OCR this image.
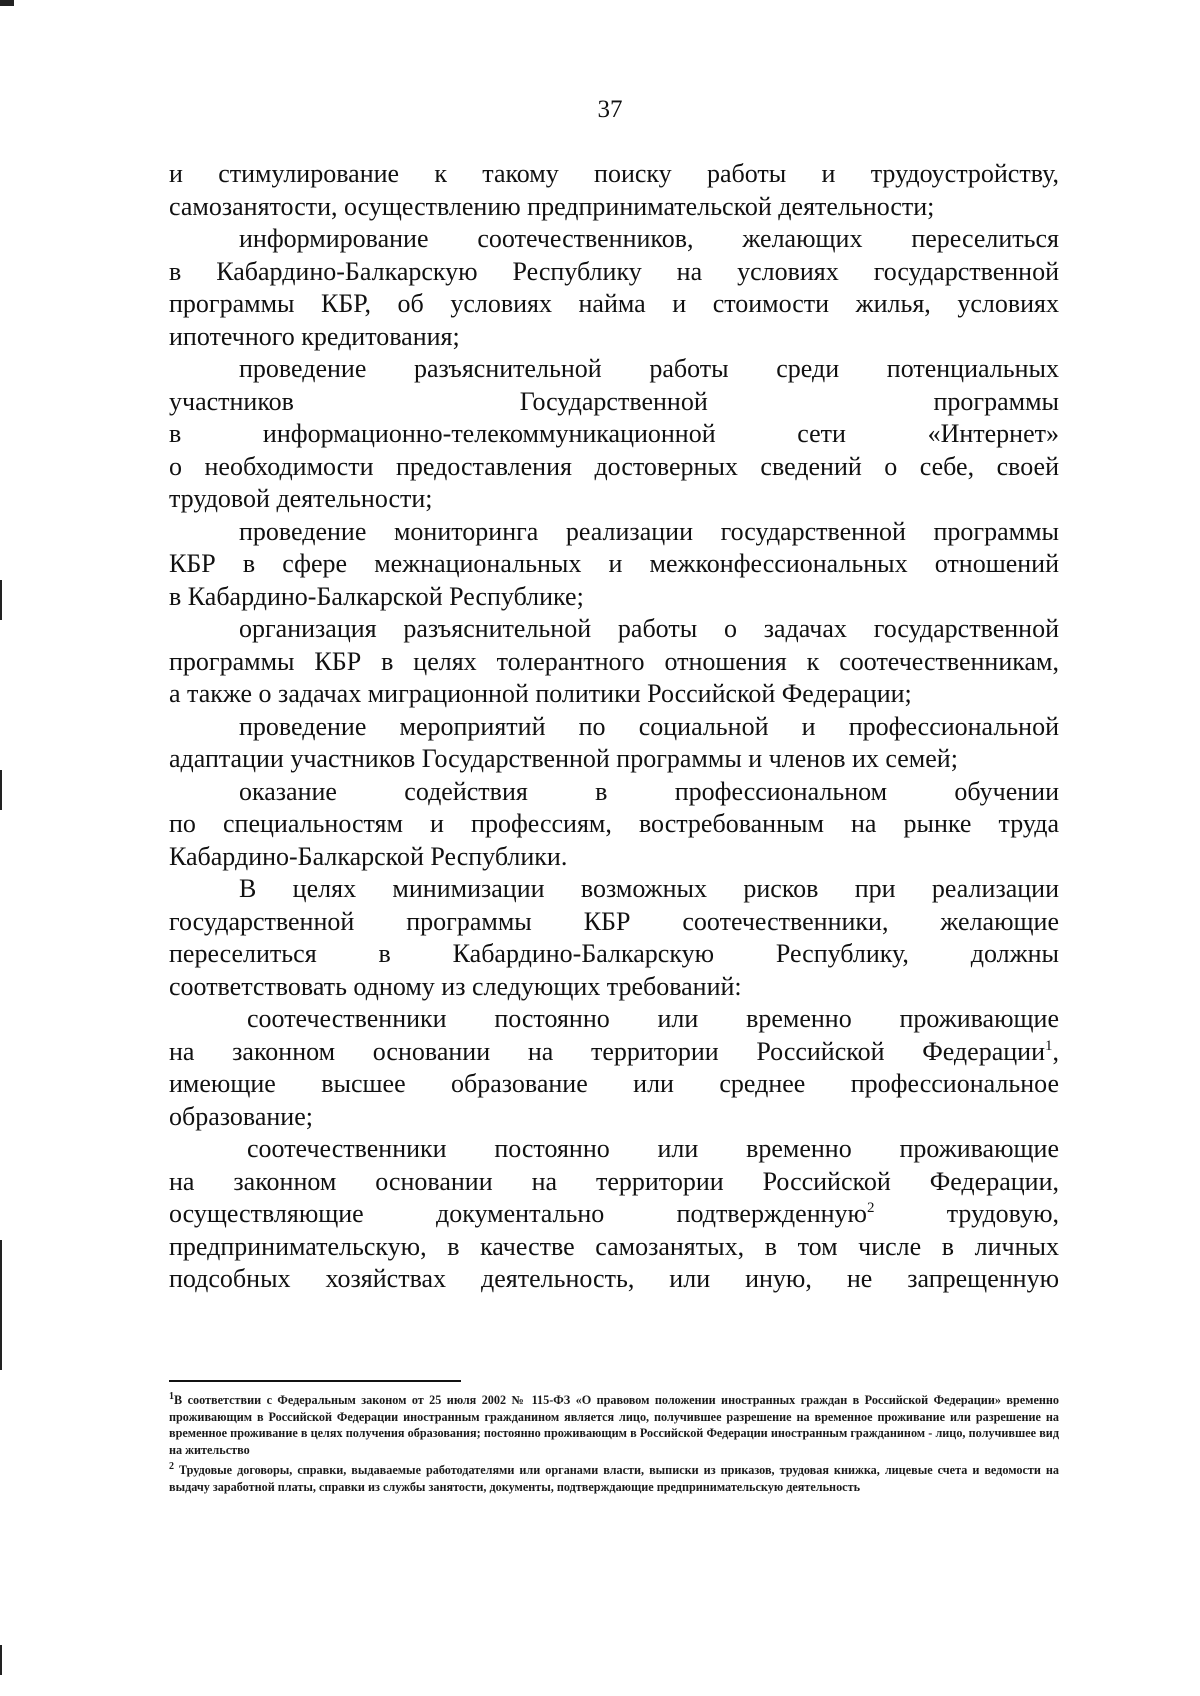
37

и стимулирование к такому поиску работы и трудоустройству,
самозанятости, осуществлению предпринимательской деятельности;

информирование соотечественников, желающих переселиться
в Кабардино-Балкарскую Республику на условиях государственной
программы КБР, об условиях найма и стоимости жилья, условиях
ипотечного кредитования;

проведение разъяснительной работы среди потенциальных
участников Государственной программы
в информационно-телекоммуникационной сети «Интернет»
о необходимости предоставления достоверных сведений о себе, своей
трудовой деятельности;

проведение мониторинга реализации государственной программы
КБР в сфере межнациональных и межконфессиональных отношений
в Кабардино-Балкарской Республике;

организация разъяснительной работы о задачах государственной
программы КБР в целях толерантного отношения к соотечественникам,
а также о задачах миграционной политики Российской Федерации;

проведение мероприятий по социальной и профессиональной
адаптации участников Государственной программы и членов их семей;

оказание содействия в профессиональном обучении
по специальностям и профессиям, востребованным на рынке труда
Кабардино-Балкарской Республики.

В целях минимизации возможных рисков при реализации
государственной программы КБР соотечественники, желающие
переселиться в Кабардино-Балкарскую Республику, должны
соответствовать одному из следующих требований:

соотечественники постоянно или временно проживающие
на законном основании на территории Российской Федерации$^1$,
имеющие высшее образование или среднее профессиональное
образование;

соотечественники постоянно или временно проживающие
на законном основании на территории Российской Федерации,
осуществляющие документально подтвержденную$^2$	трудовую,
предпринимательскую, в качестве самозанятых, в том числе в личных
подсобных хозяйствах деятельность, или иную, не запрещенную

$^1$В соответствии с Федеральным законом от 25 июля 2002 № 115-ФЗ «О правовом положении иностранных граждан в Российской Федерации» временно проживающим в Российской Федерации иностранным гражданином является лицо, получившее разрешение на временное проживание или разрешение на временное проживание в целях получения образования; постоянно проживающим в Российской Федерации иностранным гражданином - лицо, получившее вид на жительство

$^2$ Трудовые договоры, справки, выдаваемые работодателями или органами власти, выписки из приказов, трудовая книжка, лицевые счета и ведомости на выдачу заработной платы, справки из службы занятости, документы, подтверждающие предпринимательскую деятельность
